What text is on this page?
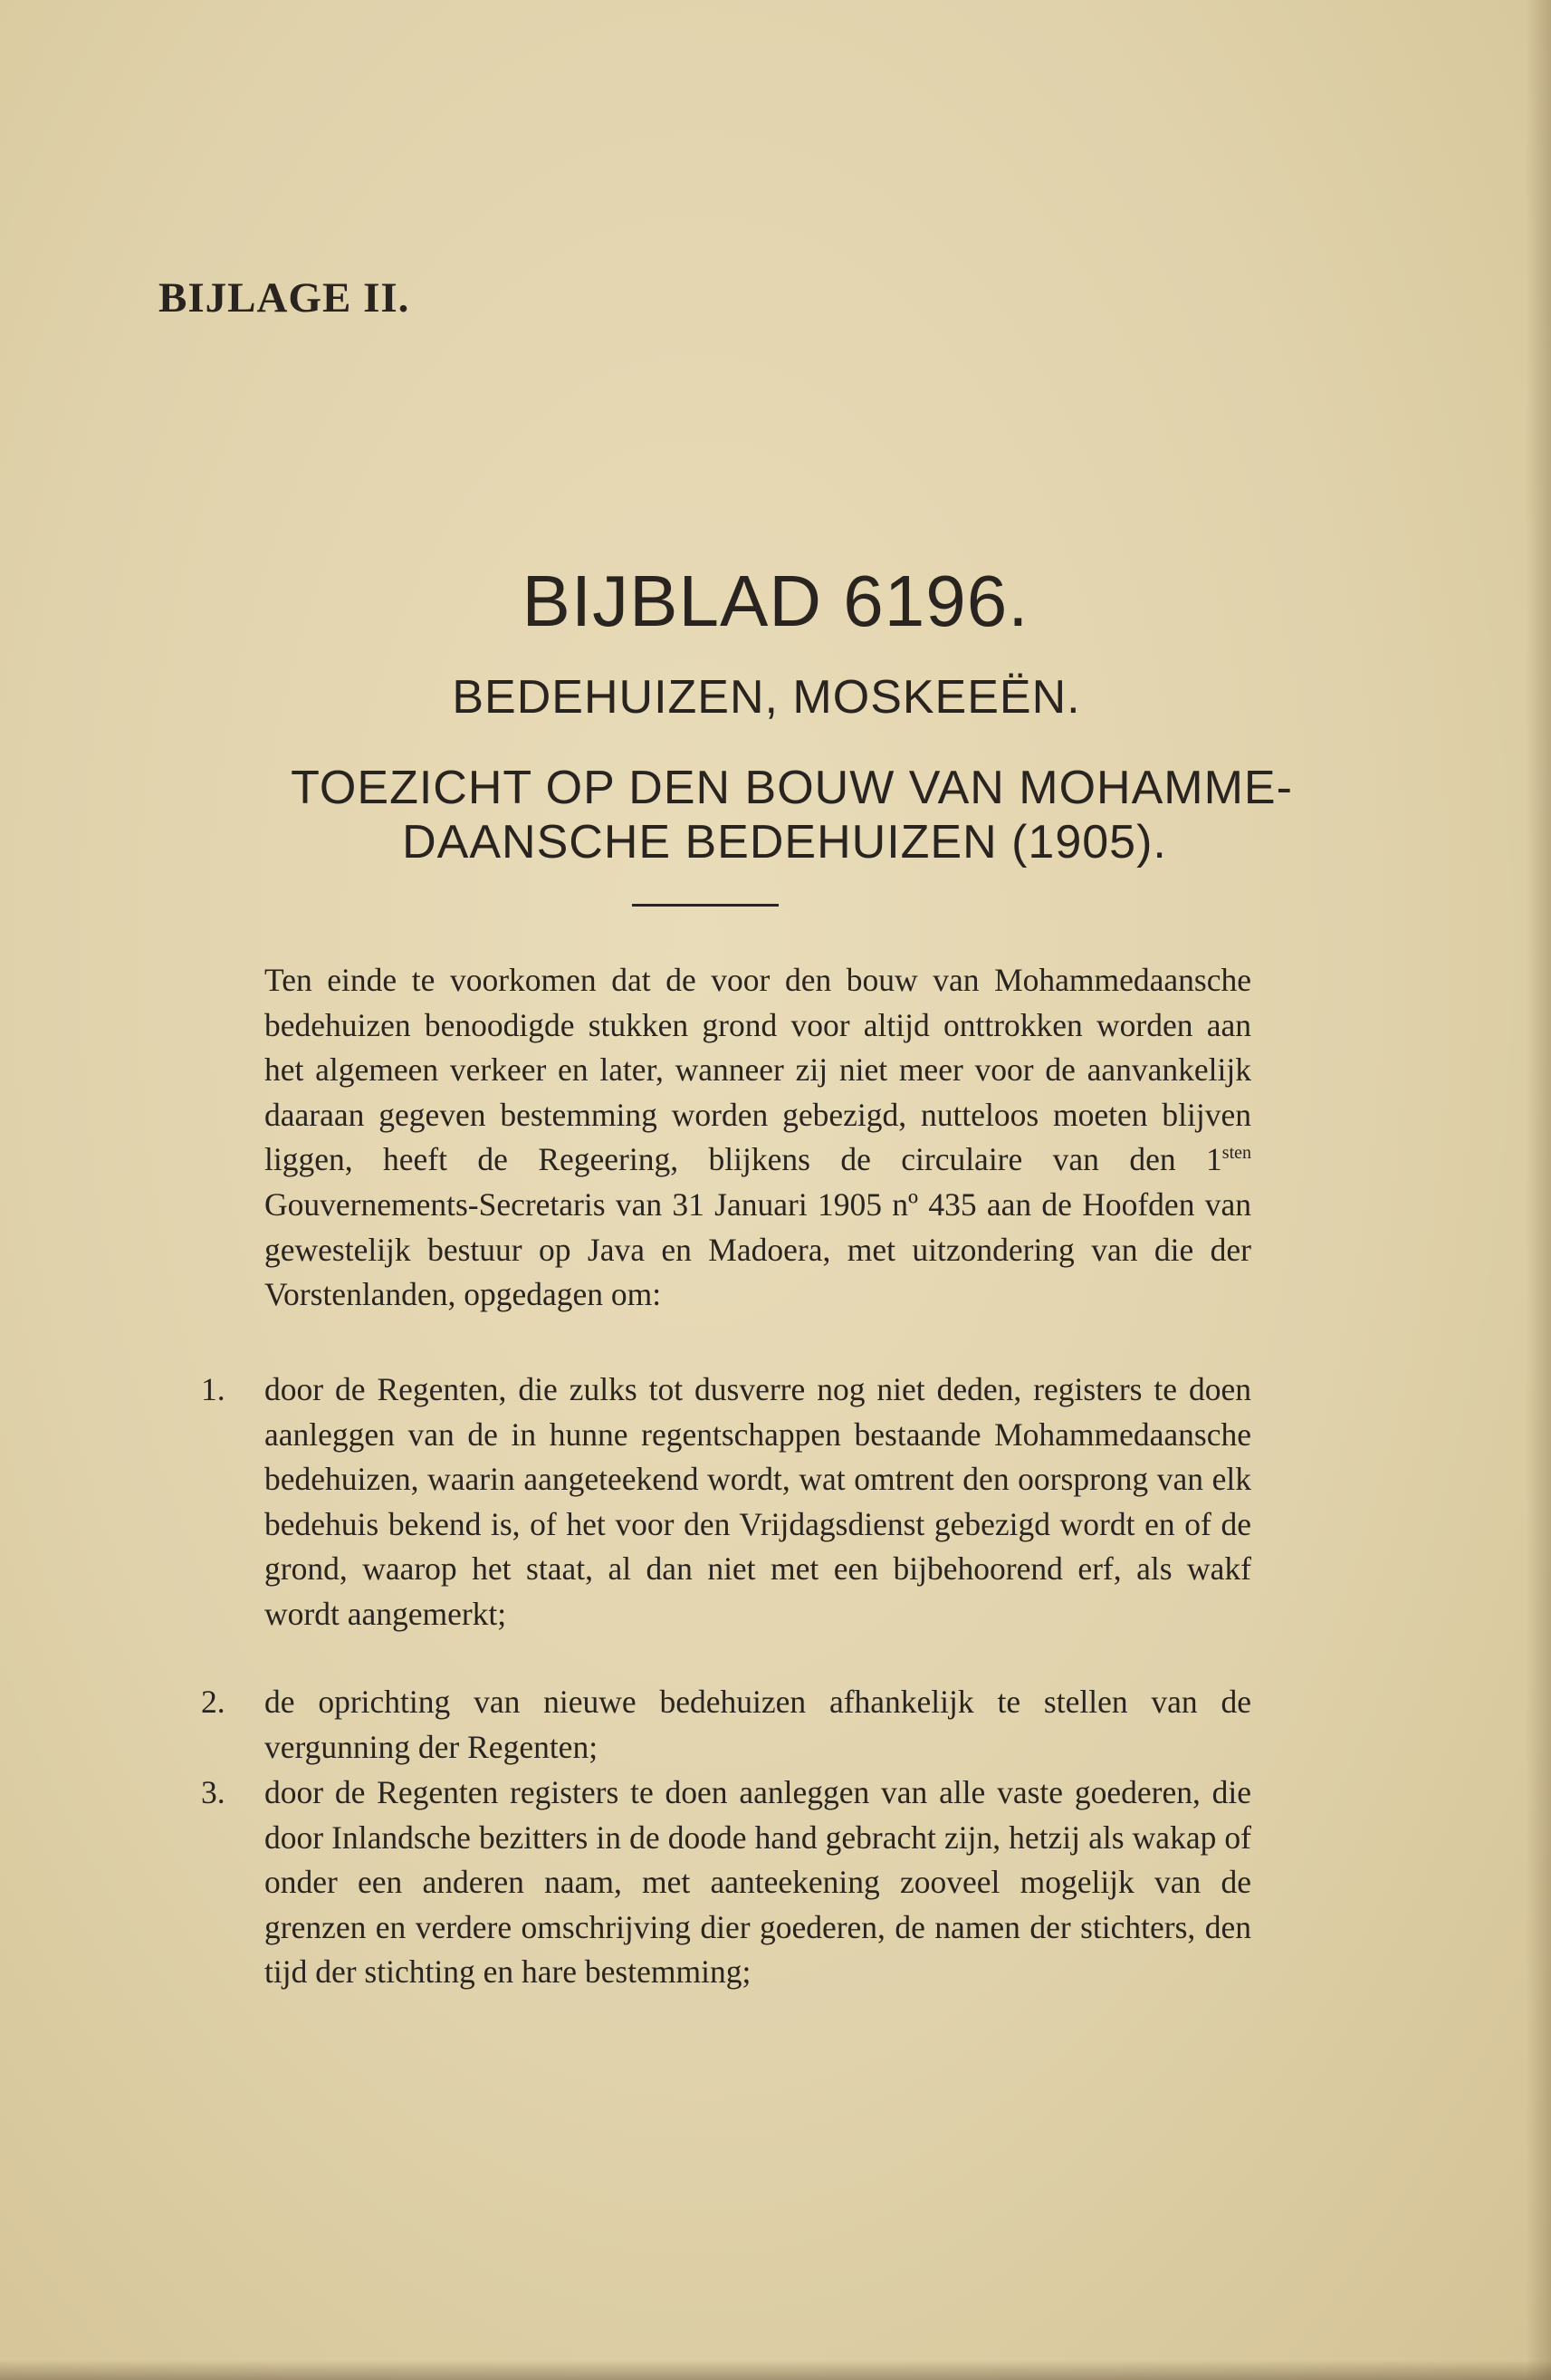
BIJLAGE II.
BIJBLAD 6196.
BEDEHUIZEN, MOSKEEËN.
TOEZICHT OP DEN BOUW VAN MOHAMME-
DAANSCHE BEDEHUIZEN (1905).
Ten einde te voorkomen dat de voor den bouw van Mohammedaansche bedehuizen benoodigde stukken grond voor altijd onttrokken worden aan het algemeen verkeer en later, wanneer zij niet meer voor de aanvankelijk daaraan gegeven bestemming worden gebezigd, nutteloos moeten blijven liggen, heeft de Regeering, blijkens de circulaire van den $1^{sten}$ Gouvernements-Secretaris van 31 Januari 1905 nº 435 aan de Hoofden van gewestelijk bestuur op Java en Madoera, met uitzondering van die der Vorstenlanden, opgedagen om:
1. door de Regenten, die zulks tot dusverre nog niet deden, registers te doen aanleggen van de in hunne regentschappen bestaande Mohammedaansche bedehuizen, waarin aangeteekend wordt, wat omtrent den oorsprong van elk bedehuis bekend is, of het voor den Vrijdagsdienst gebezigd wordt en of de grond, waarop het staat, al dan niet met een bijbehoorend erf, als wakf wordt aangemerkt;
2. de oprichting van nieuwe bedehuizen afhankelijk te stellen van de vergunning der Regenten;
3. door de Regenten registers te doen aanleggen van alle vaste goederen, die door Inlandsche bezitters in de doode hand gebracht zijn, hetzij als wakap of onder een anderen naam, met aanteekening zooveel mogelijk van de grenzen en verdere omschrijving dier goederen, de namen der stichters, den tijd der stichting en hare bestemming;
